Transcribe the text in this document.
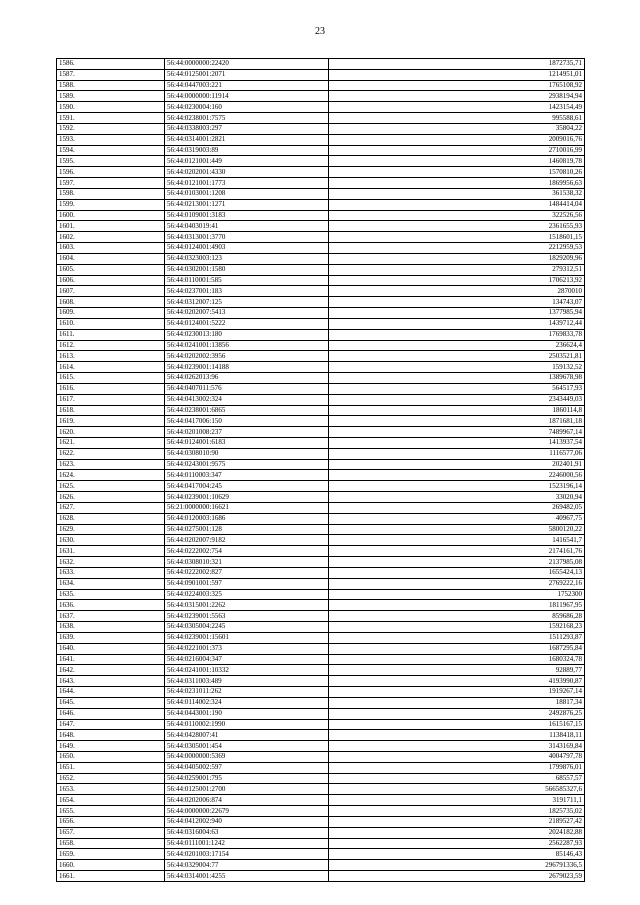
23
1586.	56:44:0000000:22420	1872735,71
1587.	56:44:0125001:2071	1214951,01
1588.	56:44:0447003:221	1765108,92
1589.	56:44:0000000:11914	2938194,94
1590.	56:44:0230004:160	1423154,49
1591.	56:44:0238001:7575	995588,61
1592.	56:44:0338003:297	35804,22
1593.	56:44:0314001:2821	2009016,76
1594.	56:44:0319003:89	2710016,99
1595.	56:44:0121001:449	1460819,78
1596.	56:44:0202001:4330	1570810,26
1597.	56:44:0121001:1773	1869956,63
1598.	56:44:0103001:1208	361538,32
1599.	56:44:0213001:1271	1484414,04
1600.	56:44:0109001:3183	322526,56
1601.	56:44:0403019:41	2361655,93
1602.	56:44:0313001:3770	1518601,15
1603.	56:44:0124001:4903	2212959,53
1604.	56:44:0323003:123	1829209,96
1605.	56:44:0302001:1580	279312,51
1606.	56:44:0110001:585	1706213,92
1607.	56:44:0237001:183	2870010
1608.	56:44:0312007:125	134743,07
1609.	56:44:0202007:5413	1377985,94
1610.	56:44:0124001:5222	1439712,44
1611.	56:44:0230013:180	1769833,78
1612.	56:44:0241001:13856	236624,4
1613.	56:44:0202002:3956	2503521,81
1614.	56:44:0239001:14188	159132,52
1615.	56:44:0262013:96	1389678,98
1616.	56:44:0407011:576	564517,93
1617.	56:44:0413002:324	2343449,03
1618.	56:44:0238001:6865	1860114,8
1619.	56:44:0417006:150	1871681,18
1620.	56:44:0201008:237	7489967,14
1621.	56:44:0124001:6183	1413937,54
1622.	56:44:0308010:90	1116577,06
1623.	56:44:0243001:9575	202401,91
1624.	56:44:0110003:347	2246000,56
1625.	56:44:0417004:245	1523196,14
1626.	56:44:0239001:10629	33020,94
1627.	56:21:0000000:16621	269482,05
1628.	56:44:0120003:1686	40967,75
1629.	56:44:0275001:128	5800120,22
1630.	56:44:0202007:9182	1416541,7
1631.	56:44:0222002:754	2174161,76
1632.	56:44:0308010:321	2137985,08
1633.	56:44:0222002:827	1655424,13
1634.	56:44:0901001:597	2769222,16
1635.	56:44:0224003:325	1752300
1636.	56:44:0315001:2262	1811967,95
1637.	56:44:0239001:5563	859686,28
1638.	56:44:0305004:2245	1592168,23
1639.	56:44:0239001:15601	1511293,87
1640.	56:44:0221001:373	1687295,84
1641.	56:44:0216004:347	1680324,78
1642.	56:44:0241001:10332	92889,77
1643.	56:44:0311003:489	4193990,87
1644.	56:44:0231011:262	1919267,14
1645.	56:44:0114002:324	18817,34
1646.	56:44:0443001:190	2492876,25
1647.	56:44:0110002:1990	1615167,15
1648.	56:44:0428007:41	1138418,11
1649.	56:44:0305001:454	3143169,84
1650.	56:44:0000000:5369	4004797,78
1651.	56:44:0405002:597	1799876,01
1652.	56:44:0259001:795	68557,57
1653.	56:44:0125001:2700	566585327,6
1654.	56:44:0202006:874	3191711,1
1655.	56:44:0000000:22679	1825735,02
1656.	56:44:0412002:940	2189527,42
1657.	56:44:0316004:63	2024182,88
1658.	56:44:0111001:1242	2562287,93
1659.	56:44:0201003:17154	85146,43
1660.	56:44:0329004:77	296791336,5
1661.	56:44:0314001:4255	2679023,59
